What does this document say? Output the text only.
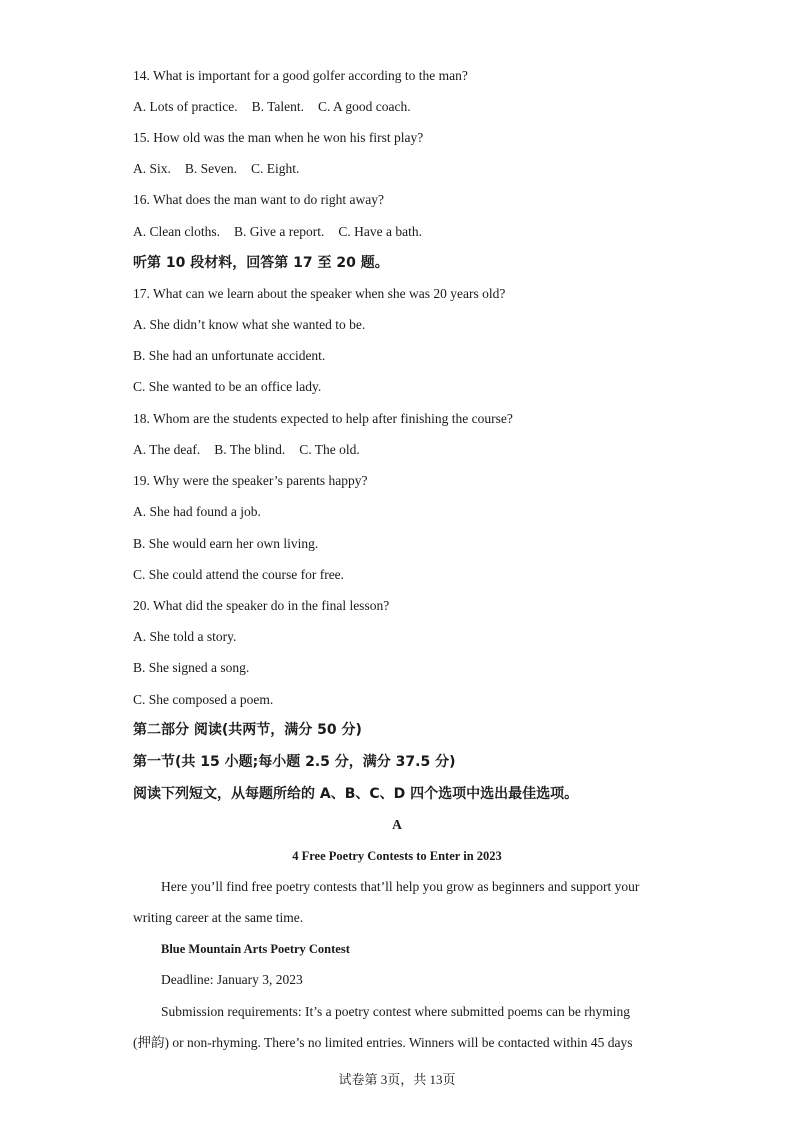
14. What is important for a good golfer according to the man?
A. Lots of practice. B. Talent. C. A good coach.
15. How old was the man when he won his first play?
A. Six. B. Seven. C. Eight.
16. What does the man want to do right away?
A. Clean cloths. B. Give a report. C. Have a bath.
听第 10 段材料，回答第 17 至 20 题。
17. What can we learn about the speaker when she was 20 years old?
A. She didn’t know what she wanted to be.
B. She had an unfortunate accident.
C. She wanted to be an office lady.
18. Whom are the students expected to help after finishing the course?
A. The deaf. B. The blind. C. The old.
19. Why were the speaker’s parents happy?
A. She had found a job.
B. She would earn her own living.
C. She could attend the course for free.
20. What did the speaker do in the final lesson?
A. She told a story.
B. She signed a song.
C. She composed a poem.
第二部分 阅读(共两节，满分 50 分)
第一节(共 15 小题;每小题 2.5 分，满分 37.5 分)
阅读下列短文，从每题所给的 A、B、C、D 四个选项中选出最佳选项。
A
4 Free Poetry Contests to Enter in 2023
Here you’ll find free poetry contests that’ll help you grow as beginners and support your
writing career at the same time.
Blue Mountain Arts Poetry Contest
Deadline: January 3, 2023
Submission requirements: It’s a poetry contest where submitted poems can be rhyming
(押韵) or non-rhyming. There’s no limited entries. Winners will be contacted within 45 days
试卷第 3页，共 13页
